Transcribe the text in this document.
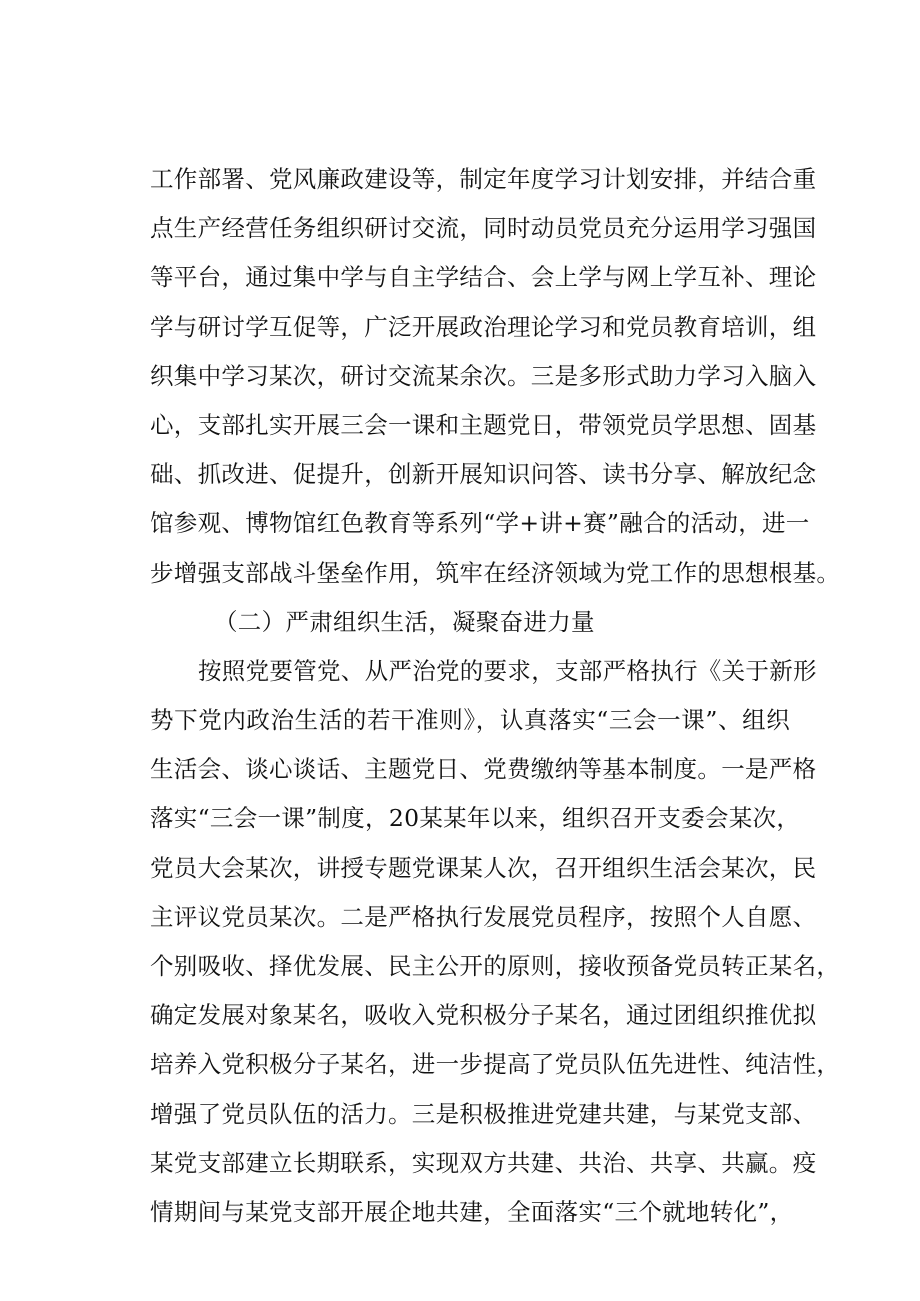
工作部署、党风廉政建设等，制定年度学习计划安排，并结合重
点生产经营任务组织研讨交流，同时动员党员充分运用学习强国
等平台，通过集中学与自主学结合、会上学与网上学互补、理论
学与研讨学互促等，广泛开展政治理论学习和党员教育培训，组
织集中学习某次，研讨交流某余次。三是多形式助力学习入脑入
心，支部扎实开展三会一课和主题党日，带领党员学思想、固基
础、抓改进、促提升，创新开展知识问答、读书分享、解放纪念
馆参观、博物馆红色教育等系列“学+讲+赛”融合的活动，进一
步增强支部战斗堡垒作用，筑牢在经济领域为党工作的思想根基。
（二）严肃组织生活，凝聚奋进力量
按照党要管党、从严治党的要求，支部严格执行《关于新形
势下党内政治生活的若干准则》，认真落实“三会一课”、组织
生活会、谈心谈话、主题党日、党费缴纳等基本制度。一是严格
落实“三会一课”制度，20某某年以来，组织召开支委会某次，
党员大会某次，讲授专题党课某人次，召开组织生活会某次，民
主评议党员某次。二是严格执行发展党员程序，按照个人自愿、
个别吸收、择优发展、民主公开的原则，接收预备党员转正某名，
确定发展对象某名，吸收入党积极分子某名，通过团组织推优拟
培养入党积极分子某名，进一步提高了党员队伍先进性、纯洁性，
增强了党员队伍的活力。三是积极推进党建共建，与某党支部、
某党支部建立长期联系，实现双方共建、共治、共享、共赢。疫
情期间与某党支部开展企地共建，全面落实“三个就地转化”，
